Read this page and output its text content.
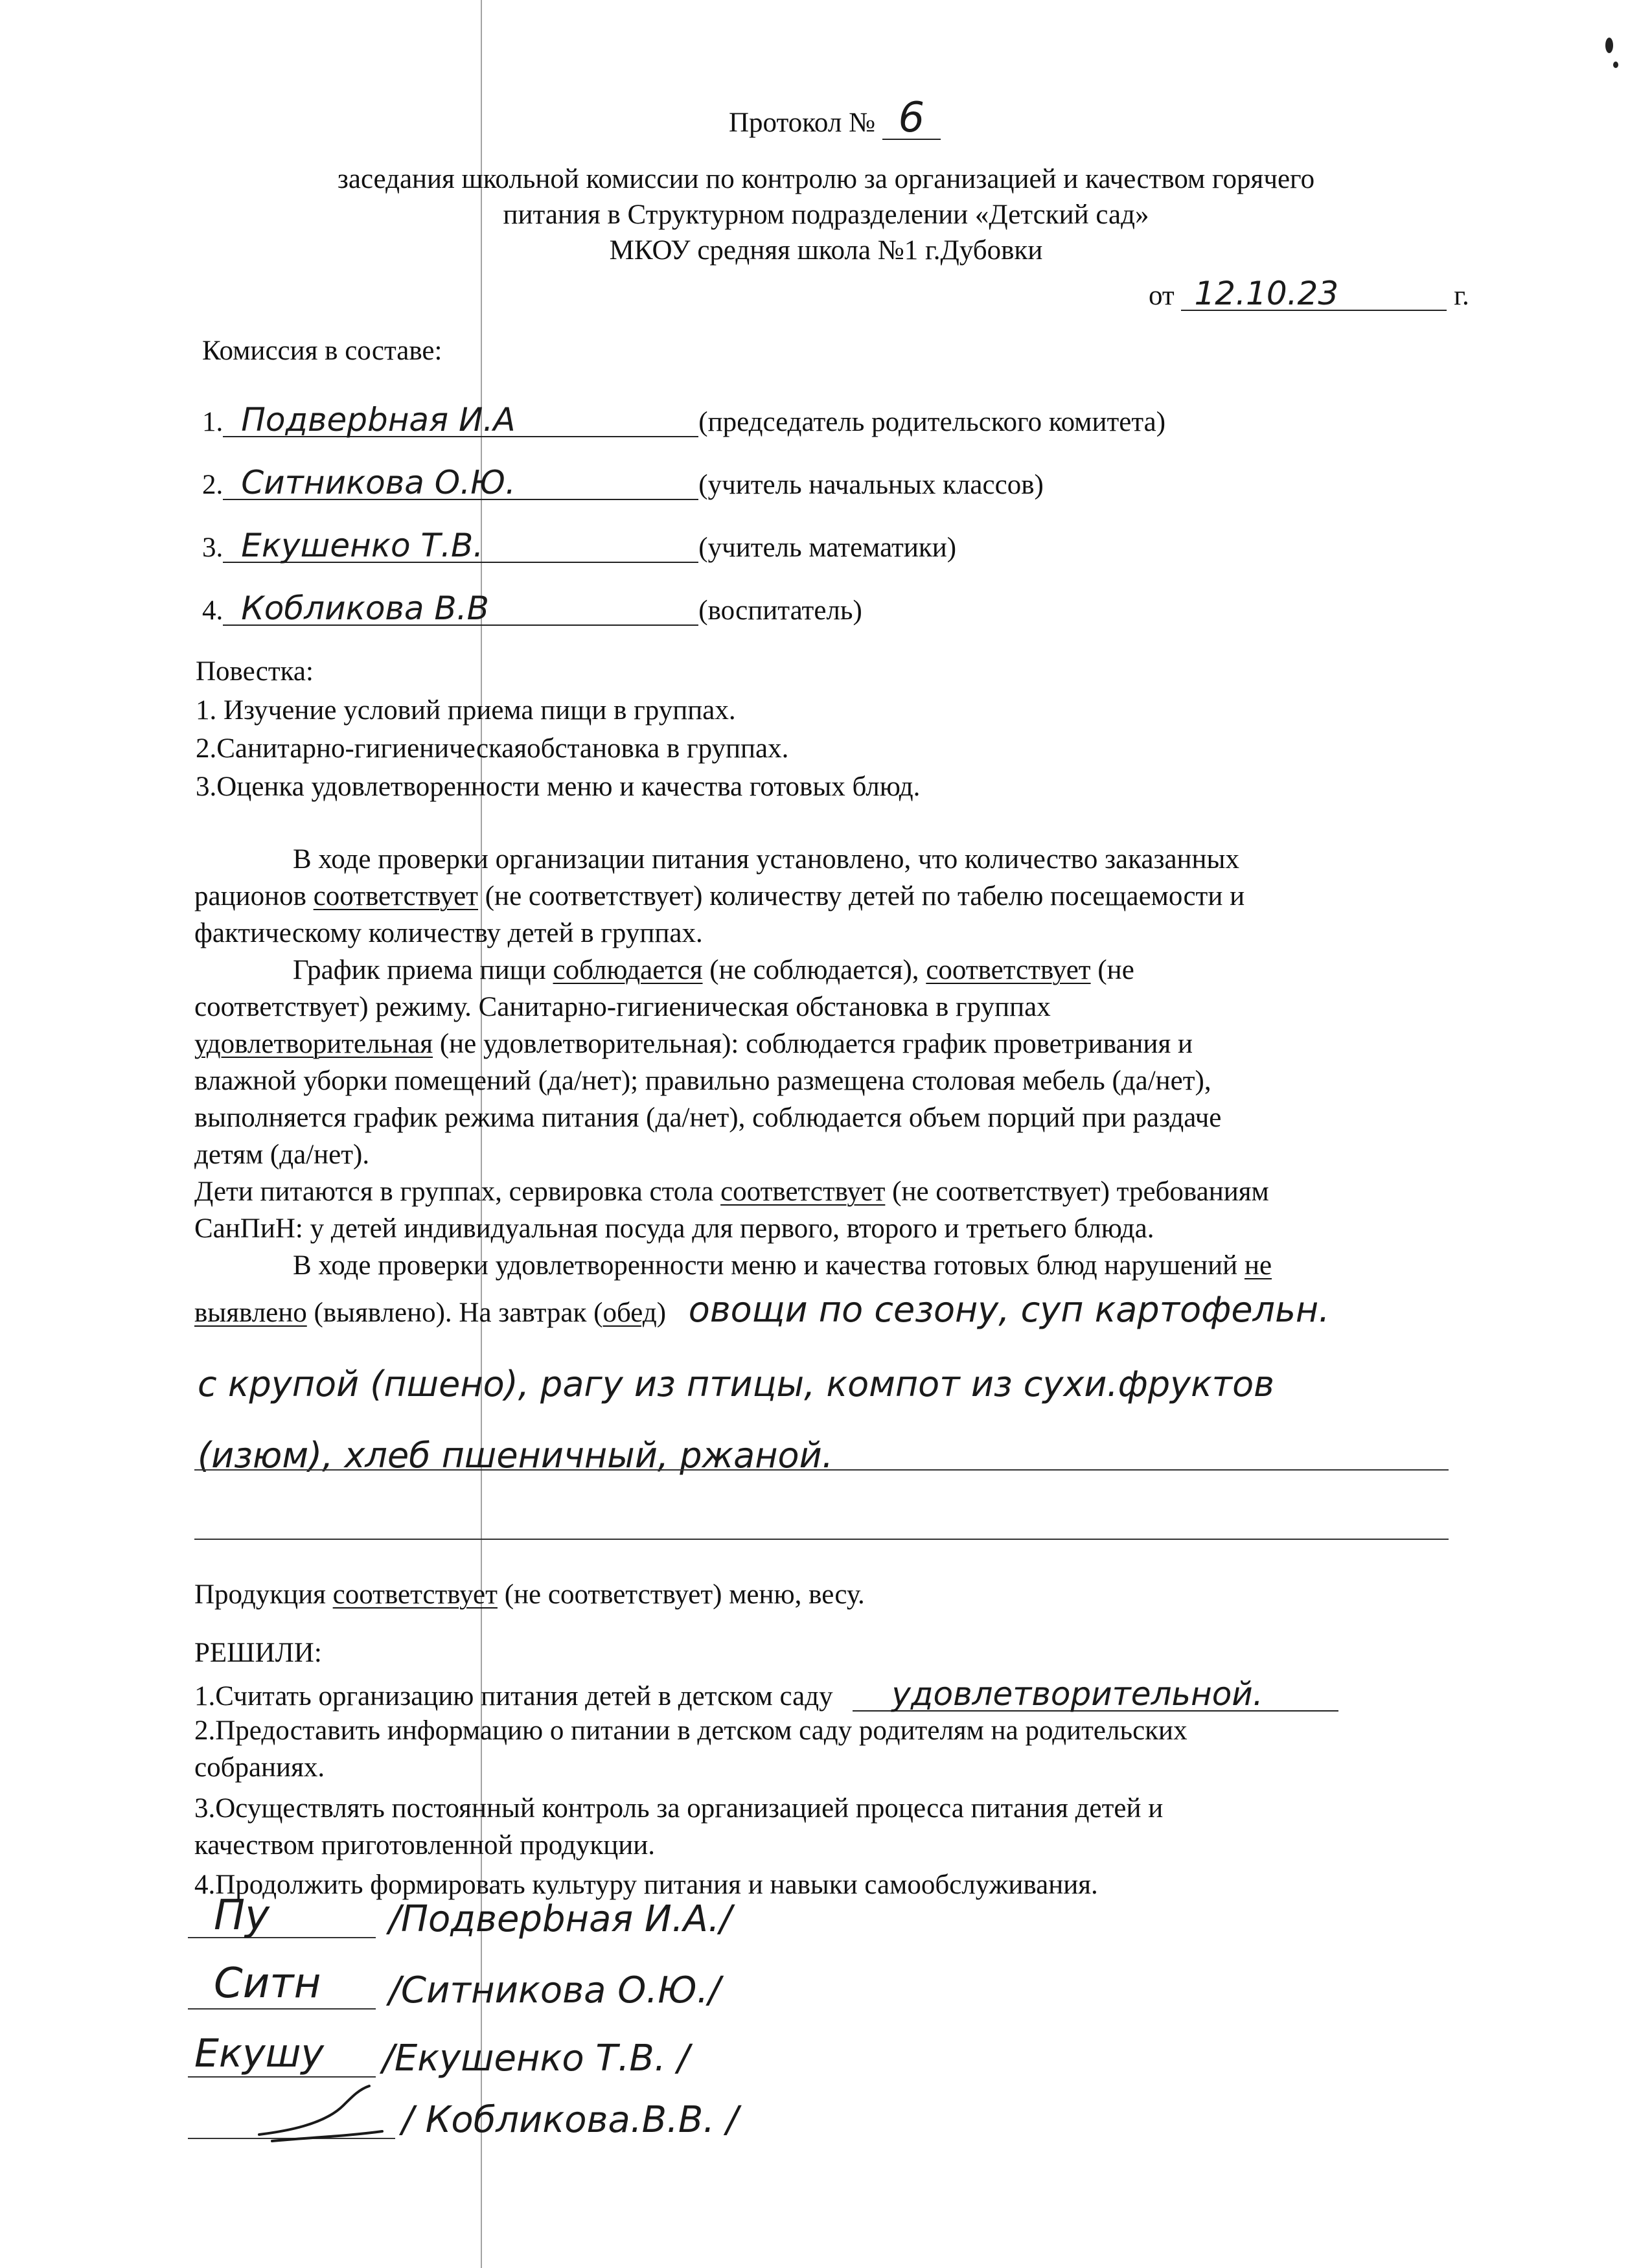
Протокол № 6
заседания школьной комиссии по контролю за организацией и качеством горячего
питания в Структурном подразделении «Детский сад»
МКОУ средняя школа №1 г.Дубовки
от 12.10.23	г.
Комиссия в составе:
1. Подверbная И.А	(председатель родительского комитета)
2. Ситникова О.Ю.	(учитель начальных классов)
3. Екушенко Т.В.	(учитель математики)
4. Кобликова В.В	(воспитатель)
Повестка:
1. Изучение условий приема пищи в группах.
2.Санитарно-гигиеническаяобстановка в группах.
3.Оценка удовлетворенности меню и качества готовых блюд.
В ходе проверки организации питания установлено, что количество заказанных
рационов соответствует (не соответствует) количеству детей по табелю посещаемости и
фактическому количеству детей в группах.
График приема пищи соблюдается (не соблюдается), соответствует (не
соответствует) режиму. Санитарно-гигиеническая обстановка в группах
удовлетворительная (не удовлетворительная): соблюдается график проветривания и
влажной уборки помещений (да/нет); правильно размещена столовая мебель (да/нет),
выполняется график режима питания (да/нет), соблюдается объем порций при раздаче
детям (да/нет).
Дети питаются в группах, сервировка стола соответствует (не соответствует) требованиям
СанПиН: у детей индивидуальная посуда для первого, второго и третьего блюда.
В ходе проверки удовлетворенности меню и качества готовых блюд нарушений не
выявлено (выявлено). На завтрак (обед) овощи по сезону, суп картофельн.
с крупой (пшено), рагу из птицы, компот из сухи.фруктов
(изюм), хлеб пшеничный, ржаной.
Продукция соответствует (не соответствует) меню, весу.
РЕШИЛИ:
1.Считать организацию питания детей в детском саду удовлетворительной.
2.Предоставить информацию о питании в детском саду родителям на родительских
собраниях.
3.Осуществлять постоянный контроль за организацией процесса питания детей и
качеством приготовленной продукции.
4.Продолжить формировать культуру питания и навыки самообслуживания.
Пу	/Подверbная И.А./
Ситн /Ситникова О.Ю./
Екушу /Екушенко Т.В. /
/ Кобликова.В.В. /
